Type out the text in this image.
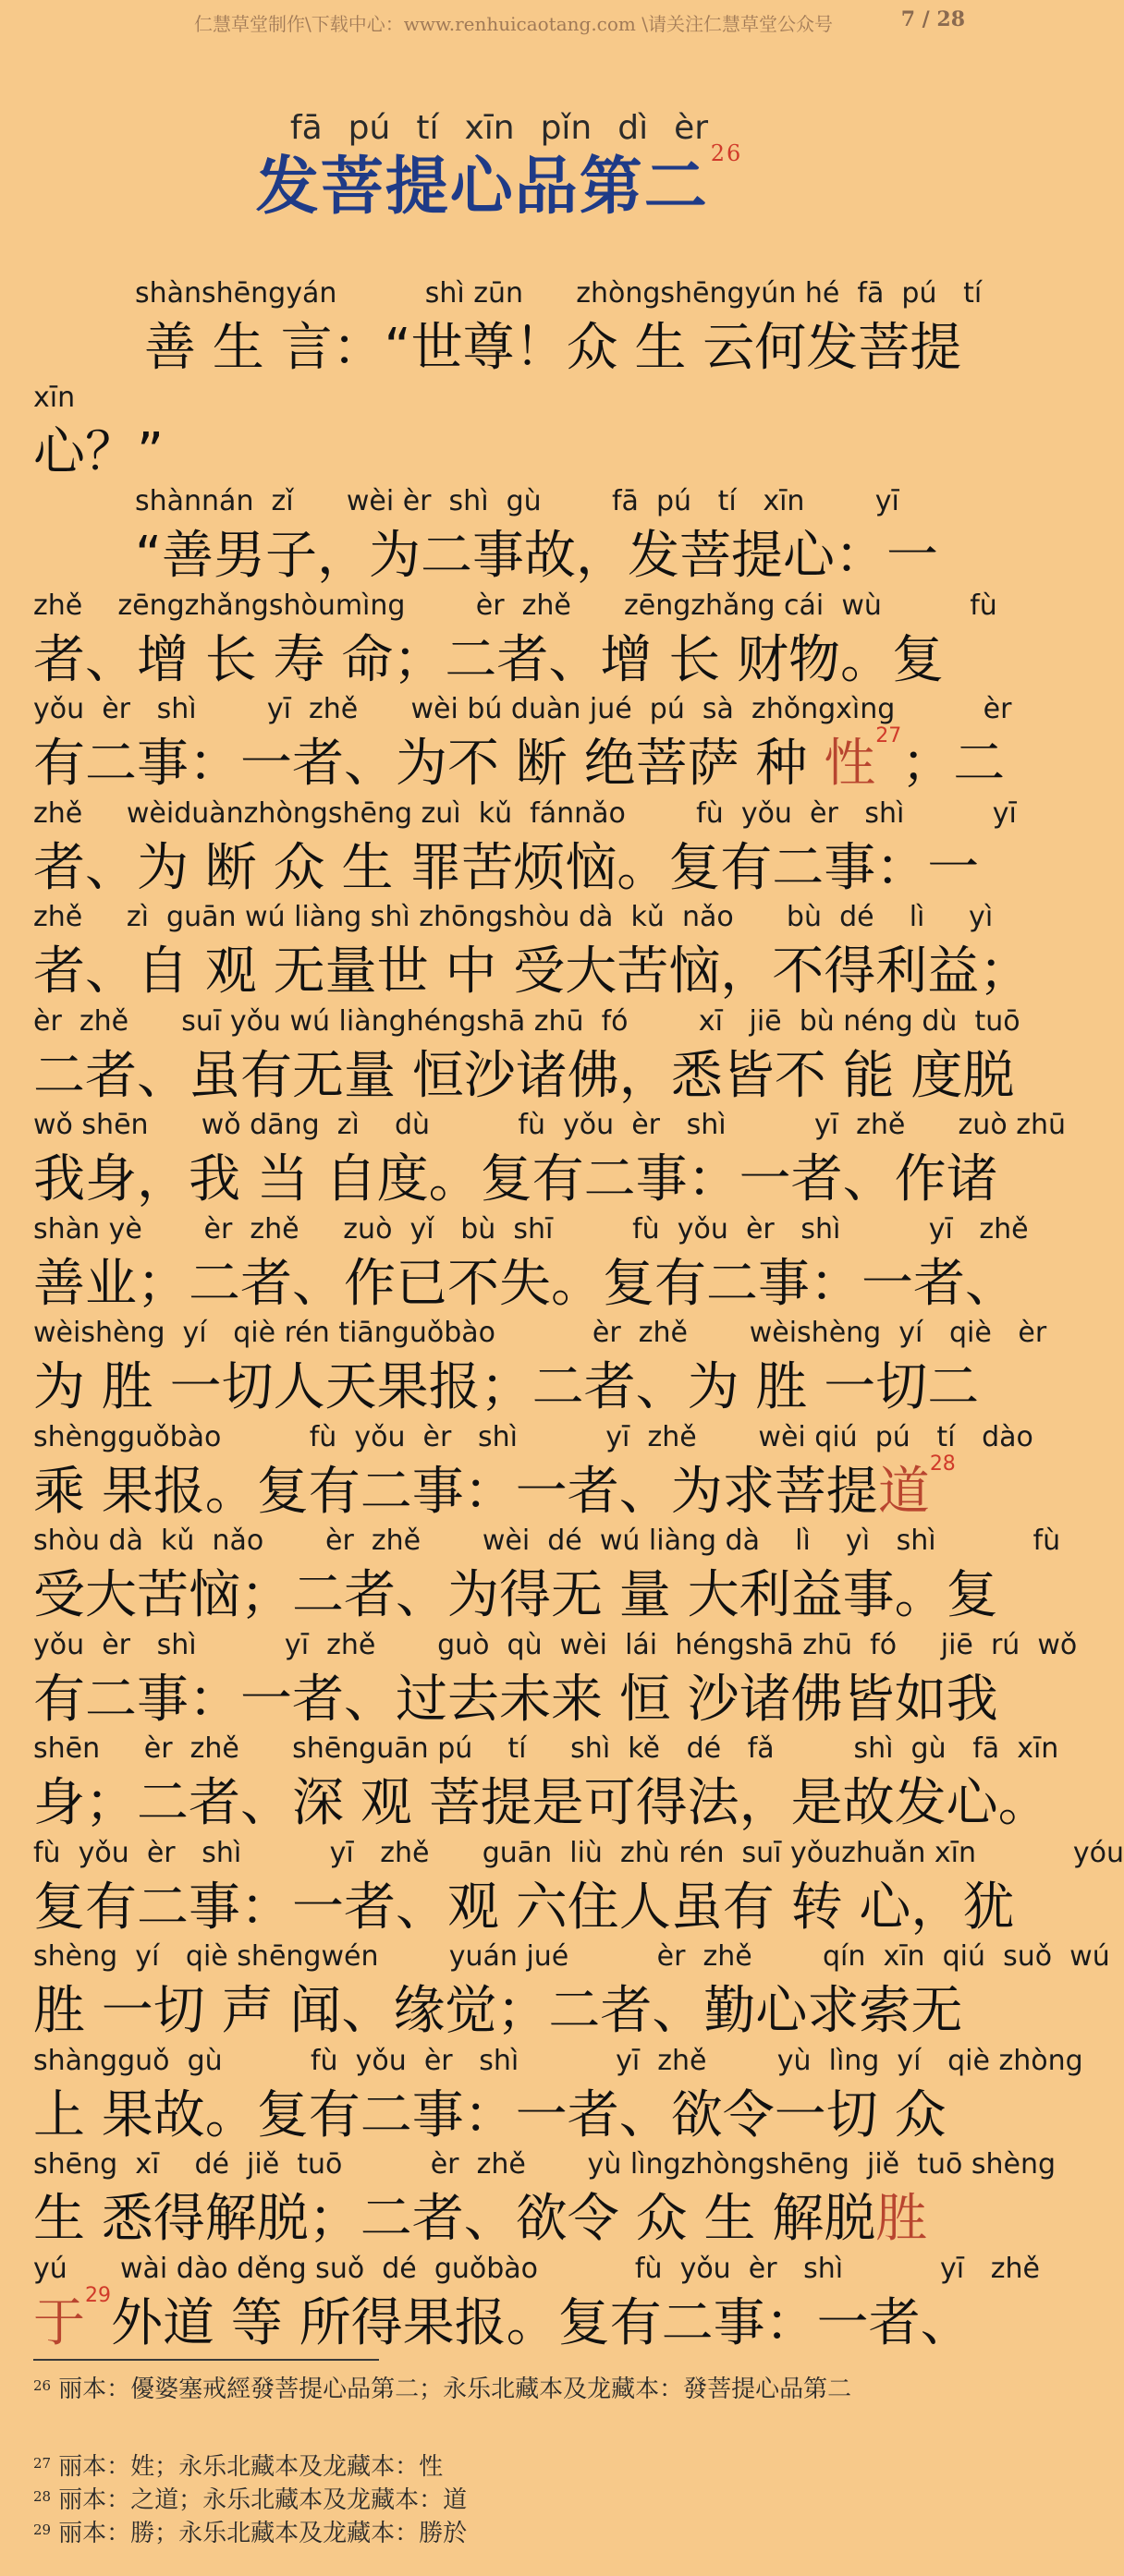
仁慧草堂制作\下载中心：www.renhuicaotang.com \请关注仁慧草堂公众号	7 / 28
fā pú tí xīn pǐn dì èr
发菩提心品第二$^{26}$
shànshēngyán          shì zūn      zhòngshēngyún hé  fā  pú   tí
善 生 言：“世尊！众 生 云何发菩提
xīn
心？”
shànnán  zǐ      wèi èr  shì  gù        fā  pú   tí   xīn        yī
“善男子，为二事故，发菩提心：一
zhě    zēngzhǎngshòumìng        èr  zhě      zēngzhǎng cái  wù          fù
者、增 长 寿 命；二者、增 长 财物。复
yǒu  èr   shì        yī  zhě      wèi bú duàn jué  pú  sà  zhǒngxìng          èr
有二事：一者、为不 断 绝菩萨 种 性$^{27}$；二
zhě     wèiduànzhòngshēng zuì  kǔ  fánnǎo        fù  yǒu  èr   shì          yī
者、为 断 众 生 罪苦烦恼。复有二事：一
zhě     zì  guān wú liàng shì zhōngshòu dà  kǔ  nǎo      bù  dé    lì     yì
者、自 观 无量世 中 受大苦恼，不得利益；
èr  zhě      suī yǒu wú liànghéngshā zhū  fó        xī   jiē  bù néng dù  tuō
二者、虽有无量 恒沙诸佛，悉皆不 能 度脱
wǒ shēn      wǒ dāng  zì    dù          fù  yǒu  èr   shì          yī  zhě      zuò zhū
我身，我 当 自度。复有二事：一者、作诸
shàn yè       èr  zhě     zuò  yǐ   bù  shī         fù  yǒu  èr   shì          yī   zhě
善业；二者、作已不失。复有二事：一者、
wèishèng  yí   qiè rén tiānguǒbào           èr  zhě       wèishèng  yí   qiè   èr
为 胜 一切人天果报；二者、为 胜 一切二
shèngguǒbào          fù  yǒu  èr   shì          yī  zhě       wèi qiú  pú   tí   dào
乘 果报。复有二事：一者、为求菩提道$^{28}$
shòu dà  kǔ  nǎo       èr  zhě       wèi  dé  wú liàng dà    lì    yì   shì           fù
受大苦恼；二者、为得无 量 大利益事。复
yǒu  èr   shì          yī  zhě       guò  qù  wèi  lái  héngshā zhū  fó     jiē  rú  wǒ
有二事：一者、过去未来 恒 沙诸佛皆如我
shēn     èr  zhě      shēnguān pú    tí     shì  kě   dé   fǎ         shì  gù   fā  xīn
身；二者、深 观 菩提是可得法，是故发心。
fù  yǒu  èr   shì          yī   zhě      guān  liù  zhù rén  suī yǒuzhuǎn xīn           yóu
复有二事：一者、观 六住人虽有 转 心，犹
shèng  yí   qiè shēngwén        yuán jué          èr  zhě        qín  xīn  qiú  suǒ  wú
胜 一切 声 闻、缘觉；二者、勤心求索无
shàngguǒ  gù          fù  yǒu  èr   shì           yī  zhě        yù  lìng  yí   qiè zhòng
上 果故。复有二事：一者、欲令一切 众
shēng  xī    dé  jiě  tuō          èr  zhě       yù lìngzhòngshēng  jiě  tuō shèng
生 悉得解脱；二者、欲令 众 生 解脱胜
yú      wài dào děng suǒ  dé  guǒbào           fù  yǒu  èr   shì           yī   zhě
于$^{29}$外道 等 所得果报。复有二事：一者、
$^{26}$ 丽本：優婆塞戒經發菩提心品第二；永乐北藏本及龙藏本：發菩提心品第二
$^{27}$ 丽本：姓；永乐北藏本及龙藏本：性
$^{28}$ 丽本：之道；永乐北藏本及龙藏本：道
$^{29}$ 丽本：勝；永乐北藏本及龙藏本：勝於
